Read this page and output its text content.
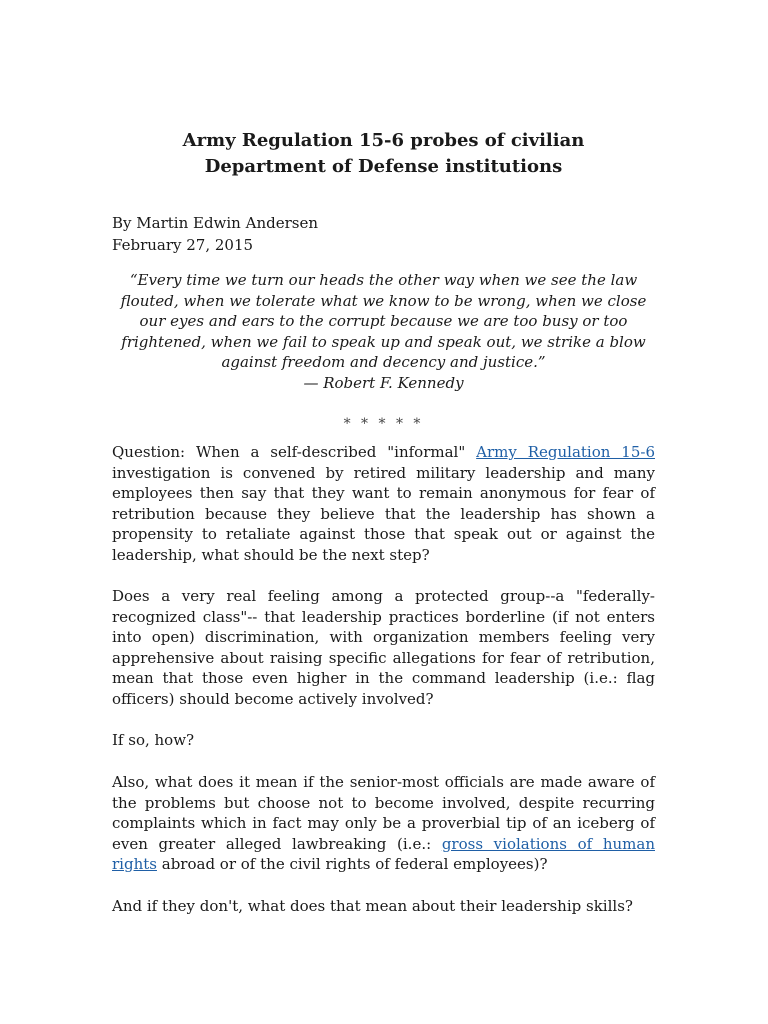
Army Regulation 15-6 probes of civilian
Department of Defense institutions
By Martin Edwin Andersen
February 27, 2015
“Every time we turn our heads the other way when we see the law
flouted, when we tolerate what we know to be wrong, when we close
our eyes and ears to the corrupt because we are too busy or too
frightened, when we fail to speak up and speak out, we strike a blow
against freedom and decency and justice.”
— Robert F. Kennedy
* * * * *

Question: When a self-described "informal" Army Regulation 15-6
investigation is convened by retired military leadership and many
employees then say that they want to remain anonymous for fear of
retribution because they believe that the leadership has shown a
propensity to retaliate against those that speak out or against the
leadership, what should be the next step?

Does a very real feeling among a protected group--a "federally-
recognized class"-- that leadership practices borderline (if not enters
into open) discrimination, with organization members feeling very
apprehensive about raising specific allegations for fear of retribution,
mean that those even higher in the command leadership (i.e.: flag
officers) should become actively involved?

If so, how?

Also, what does it mean if the senior-most officials are made aware of
the problems but choose not to become involved, despite recurring
complaints which in fact may only be a proverbial tip of an iceberg of
even greater alleged lawbreaking (i.e.: gross violations of human
rights abroad or of the civil rights of federal employees)?

And if they don't, what does that mean about their leadership skills?
